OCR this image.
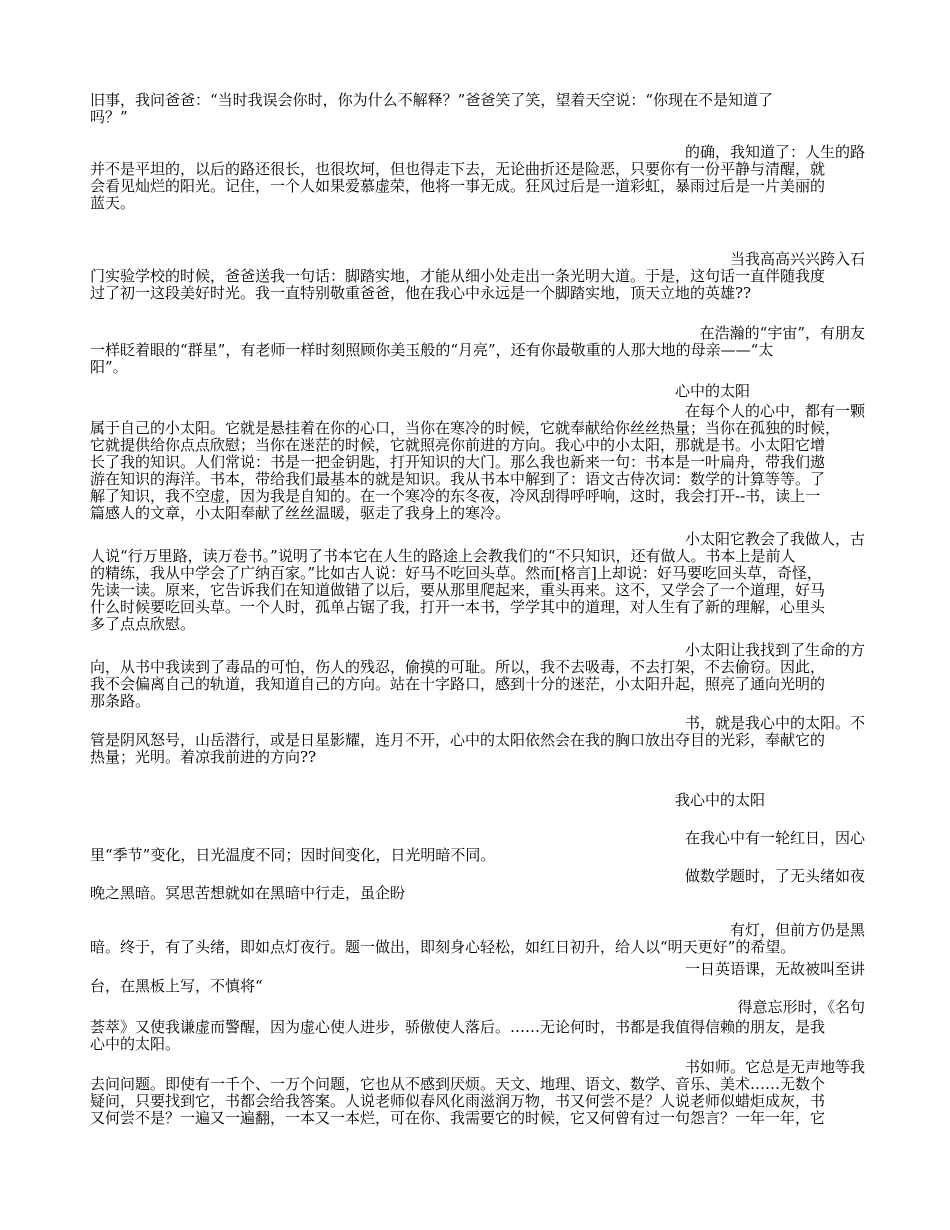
旧事，我问爸爸：“当时我误会你时，你为什么不解释？”爸爸笑了笑，望着天空说：“你现在不是知道了
吗？”
的确，我知道了：人生的路
并不是平坦的，以后的路还很长，也很坎坷，但也得走下去，无论曲折还是险恶，只要你有一份平静与清醒，就
会看见灿烂的阳光。记住，一个人如果爱慕虚荣，他将一事无成。狂风过后是一道彩虹，暴雨过后是一片美丽的
蓝天。
当我高高兴兴跨入石
门实验学校的时候，爸爸送我一句话：脚踏实地，才能从细小处走出一条光明大道。于是，这句话一直伴随我度
过了初一这段美好时光。我一直特别敬重爸爸，他在我心中永远是一个脚踏实地，顶天立地的英雄??
在浩瀚的“宇宙”，有朋友
一样眨着眼的“群星”，有老师一样时刻照顾你美玉般的“月亮”，还有你最敬重的人那大地的母亲——“太
阳”。
心中的太阳
在每个人的心中，都有一颗
属于自己的小太阳。它就是悬挂着在你的心口，当你在寒冷的时候，它就奉献给你丝丝热量；当你在孤独的时候，
它就提供给你点点欣慰；当你在迷茫的时候，它就照亮你前进的方向。我心中的小太阳，那就是书。小太阳它增
长了我的知识。人们常说：书是一把金钥匙，打开知识的大门。那么我也新来一句：书本是一叶扁舟，带我们遨
游在知识的海洋。书本，带给我们最基本的就是知识。我从书本中解到了：语文古侍次词：数学的计算等等。了
解了知识，我不空虚，因为我是自知的。在一个寒冷的东冬夜，冷风刮得呼呼响，这时，我会打开--书，读上一
篇感人的文章，小太阳奉献了丝丝温暖，驱走了我身上的寒冷。
小太阳它教会了我做人，古
人说“行万里路，读万卷书。”说明了书本它在人生的路途上会教我们的“不只知识，还有做人。书本上是前人
的精练，我从中学会了广纳百家。”比如古人说：好马不吃回头草。然而[格言]上却说：好马要吃回头草，奇怪，
先读一读。原来，它告诉我们在知道做错了以后，要从那里爬起来，重头再来。这不，又学会了一个道理，好马
什么时候要吃回头草。一个人时，孤单占锯了我，打开一本书，学学其中的道理，对人生有了新的理解，心里头
多了点点欣慰。
小太阳让我找到了生命的方
向，从书中我读到了毒品的可怕，伤人的残忍，偷摸的可耻。所以，我不去吸毒，不去打架，不去偷窃。因此，
我不会偏离自己的轨道，我知道自己的方向。站在十字路口，感到十分的迷茫，小太阳升起，照亮了通向光明的
那条路。
书，就是我心中的太阳。不
管是阴风怒号，山岳潜行，或是日星影耀，连月不开，心中的太阳依然会在我的胸口放出夺目的光彩，奉献它的
热量；光明。着凉我前进的方向??
我心中的太阳
在我心中有一轮红日，因心
里“季节”变化，日光温度不同；因时间变化，日光明暗不同。
做数学题时，了无头绪如夜
晚之黑暗。冥思苦想就如在黑暗中行走，虽企盼
有灯，但前方仍是黑
暗。终于，有了头绪，即如点灯夜行。题一做出，即刻身心轻松，如红日初升，给人以“明天更好”的希望。
一日英语课，无故被叫至讲
台，在黑板上写，不慎将“
得意忘形时，《名句
荟萃》又使我谦虚而警醒，因为虚心使人进步，骄傲使人落后。……无论何时，书都是我值得信赖的朋友，是我
心中的太阳。
书如师。它总是无声地等我
去问问题。即使有一千个、一万个问题，它也从不感到厌烦。天文、地理、语文、数学、音乐、美术……无数个
疑问，只要找到它，书都会给我答案。人说老师似春风化雨滋润万物，书又何尝不是？人说老师似蜡炬成灰，书
又何尝不是？一遍又一遍翻，一本又一本烂，可在你、我需要它的时候，它又何曾有过一句怨言？一年一年，它
